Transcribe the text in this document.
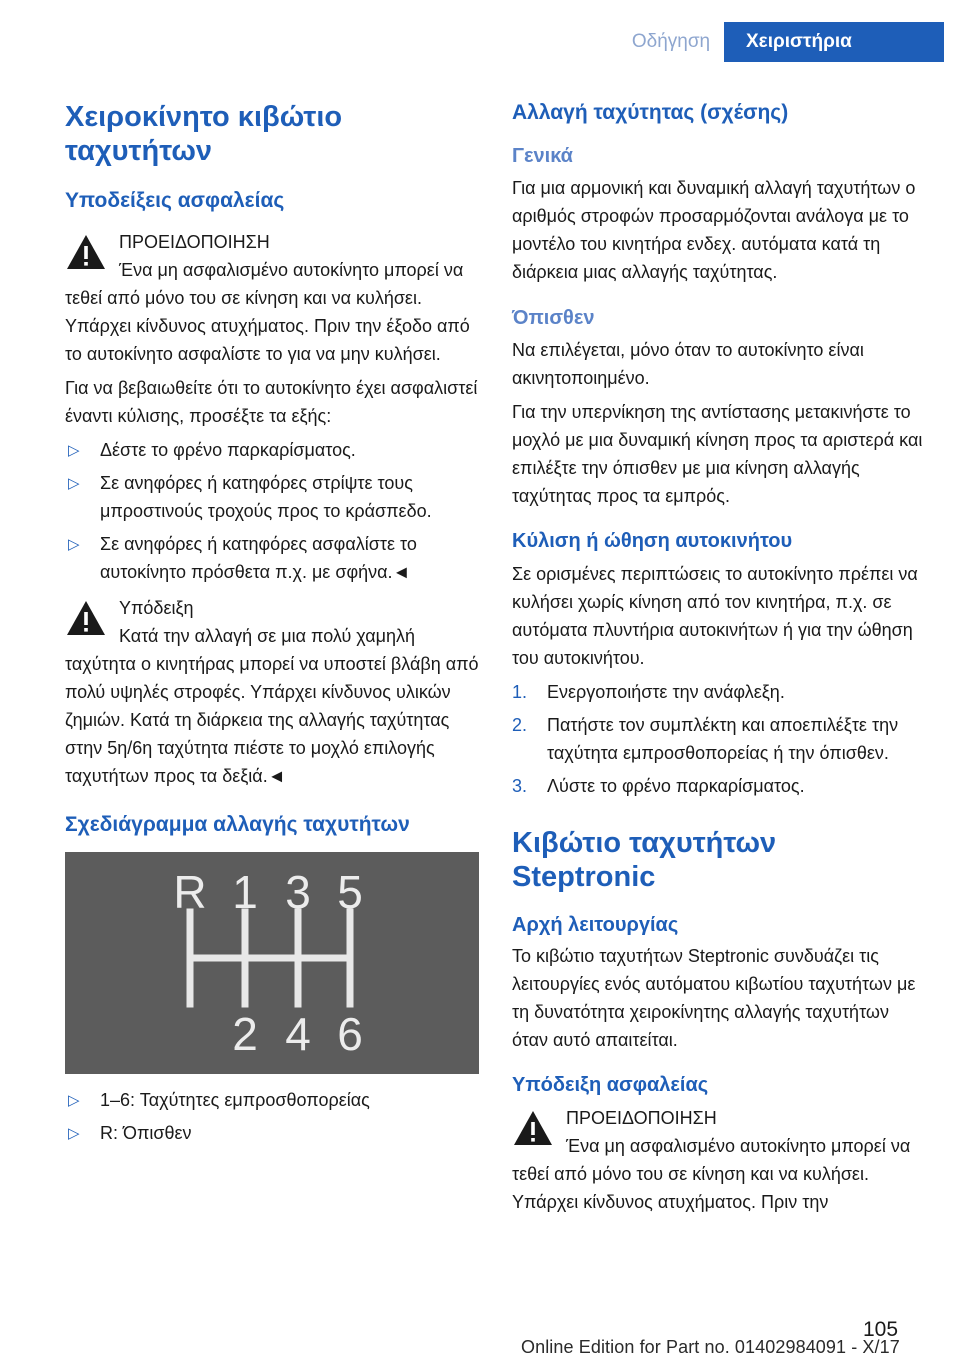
Οδήγηση	Χειριστήρια
Χειροκίνητο κιβώτιο ταχυτήτων
Υποδείξεις ασφαλείας
ΠΡΟΕΙΔΟΠΟΙΗΣΗ

Ένα μη ασφαλισμένο αυτοκίνητο μπορεί να τεθεί από μόνο του σε κίνηση και να κυλήσει. Υπάρχει κίνδυνος ατυχήματος. Πριν την έξοδο από το αυτοκίνητο ασφαλίστε το για να μην κυλήσει.

Για να βεβαιωθείτε ότι το αυτοκίνητο έχει ασφαλιστεί έναντι κύλισης, προσέξτε τα εξής:

▷ Δέστε το φρένο παρκαρίσματος.
▷ Σε ανηφόρες ή κατηφόρες στρίψτε τους μπροστινούς τροχούς προς το κράσπεδο.
▷ Σε ανηφόρες ή κατηφόρες ασφαλίστε το αυτοκίνητο πρόσθετα π.χ. με σφήνα.◄
Υπόδειξη

Κατά την αλλαγή σε μια πολύ χαμηλή ταχύτητα ο κινητήρας μπορεί να υποστεί βλάβη από πολύ υψηλές στροφές. Υπάρχει κίνδυνος υλικών ζημιών. Κατά τη διάρκεια της αλλαγής ταχύτητας στην 5η/6η ταχύτητα πιέστε το μοχλό επιλογής ταχυτήτων προς τα δεξιά.◄

Σχεδιάγραμμα αλλαγής ταχυτήτων
R 1 3 5
2 4 6
▷ 1–6: Ταχύτητες εμπροσθοπορείας
▷ R: Όπισθεν
Αλλαγή ταχύτητας (σχέσης)
Γενικά

Για μια αρμονική και δυναμική αλλαγή ταχυτήτων ο αριθμός στροφών προσαρμόζονται ανάλογα με το μοντέλο του κινητήρα ενδεχ. αυτόματα κατά τη διάρκεια μιας αλλαγής ταχύτητας.

Όπισθεν

Να επιλέγεται, μόνο όταν το αυτοκίνητο είναι ακινητοποιημένο.

Για την υπερνίκηση της αντίστασης μετακινήστε το μοχλό με μια δυναμική κίνηση προς τα αριστερά και επιλέξτε την όπισθεν με μια κίνηση αλλαγής ταχύτητας προς τα εμπρός.

Κύλιση ή ώθηση αυτοκινήτου

Σε ορισμένες περιπτώσεις το αυτοκίνητο πρέπει να κυλήσει χωρίς κίνηση από τον κινητήρα, π.χ. σε αυτόματα πλυντήρια αυτοκινήτων ή για την ώθηση του αυτοκινήτου.

1. Ενεργοποιήστε την ανάφλεξη.
2. Πατήστε τον συμπλέκτη και αποεπιλέξτε την ταχύτητα εμπροσθοπορείας ή την όπισθεν.
3. Λύστε το φρένο παρκαρίσματος.
Κιβώτιο ταχυτήτων Steptronic
Αρχή λειτουργίας

Το κιβώτιο ταχυτήτων Steptronic συνδυάζει τις λειτουργίες ενός αυτόματου κιβωτίου ταχυτήτων με τη δυνατότητα χειροκίνητης αλλαγής ταχυτήτων όταν αυτό απαιτείται.

Υπόδειξη ασφαλείας
ΠΡΟΕΙΔΟΠΟΙΗΣΗ

Ένα μη ασφαλισμένο αυτοκίνητο μπορεί να τεθεί από μόνο του σε κίνηση και να κυλήσει. Υπάρχει κίνδυνος ατυχήματος. Πριν την

105
Online Edition for Part no. 01402984091 - X/17
